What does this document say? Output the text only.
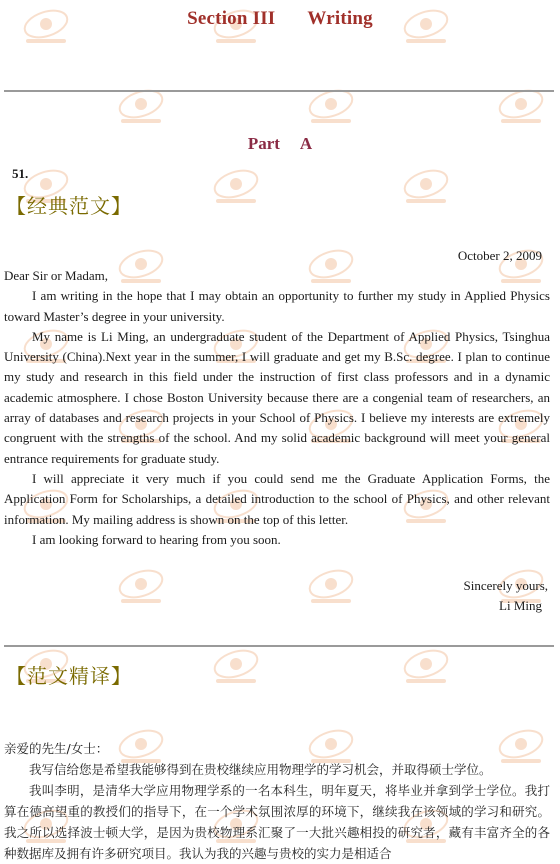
Section III Writing
Part A
51.
【经典范文】
October 2, 2009

Dear Sir or Madam,

I am writing in the hope that I may obtain an opportunity to further my study in Applied Physics toward Master’s degree in your university.

My name is Li Ming, an undergraduate student of the Department of Applied Physics, Tsinghua University (China).Next year in the summer, I will graduate and get my B.Sc. degree. I plan to continue my study and research in this field under the instruction of first class professors and in a dynamic academic atmosphere. I chose Boston University because there are a congenial team of researchers, an array of databases and research projects in your School of Physics. I believe my interests are extremely congruent with the strengths of the school. And my solid academic background will meet your general entrance requirements for graduate study.

I will appreciate it very much if you could send me the Graduate Application Forms, the Application Form for Scholarships, a detailed introduction to the school of Physics, and other relevant information. My mailing address is shown on the top of this letter.

I am looking forward to hearing from you soon.

Sincerely yours,
Li Ming
【范文精译】

亲爱的先生/女士：

我写信给您是希望我能够得到在贵校继续应用物理学的学习机会，并取得硕士学位。

我叫李明，是清华大学应用物理学系的一名本科生，明年夏天，将毕业并拿到学士学位。我打算在德高望重的教授们的指导下，在一个学术氛围浓厚的环境下，继续我在该领域的学习和研究。我之所以选择波士顿大学，是因为贵校物理系汇聚了一大批兴趣相投的研究者，藏有丰富齐全的各种数据库及拥有许多研究项目。我认为我的兴趣与贵校的实力是相适合
